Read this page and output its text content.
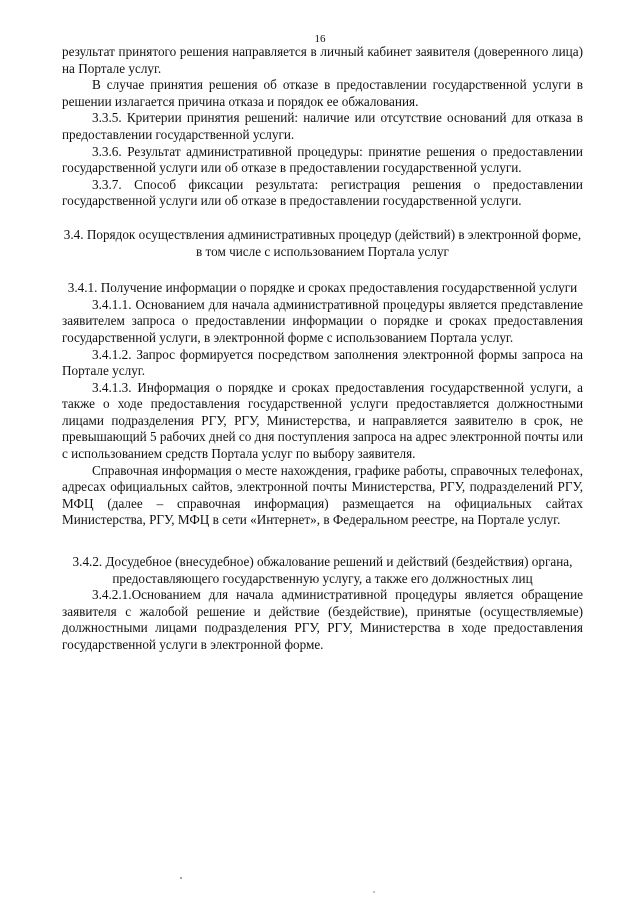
16

результат принятого решения направляется в личный кабинет заявителя (доверенного лица) на Портале услуг.

В случае принятия решения об отказе в предоставлении государственной услуги в решении излагается причина отказа и порядок ее обжалования.

3.3.5. Критерии принятия решений: наличие или отсутствие оснований для отказа в предоставлении государственной услуги.

3.3.6. Результат административной процедуры: принятие решения о предоставлении государственной услуги или об отказе в предоставлении государственной услуги.

3.3.7. Способ фиксации результата: регистрация решения о предоставлении государственной услуги или об отказе в предоставлении государственной услуги.

3.4. Порядок осуществления административных процедур (действий) в электронной форме, в том числе с использованием Портала услуг

3.4.1. Получение информации о порядке и сроках предоставления государственной услуги

3.4.1.1. Основанием для начала административной процедуры является представление заявителем запроса о предоставлении информации о порядке и сроках предоставления государственной услуги, в электронной форме с использованием Портала услуг.

3.4.1.2. Запрос формируется посредством заполнения электронной формы запроса на Портале услуг.

3.4.1.3. Информация о порядке и сроках предоставления государственной услуги, а также о ходе предоставления государственной услуги предоставляется должностными лицами подразделения РГУ, РГУ, Министерства, и направляется заявителю в срок, не превышающий 5 рабочих дней со дня поступления запроса на адрес электронной почты или с использованием средств Портала услуг по выбору заявителя.

Справочная информация о месте нахождения, графике работы, справочных телефонах, адресах официальных сайтов, электронной почты Министерства, РГУ, подразделений РГУ, МФЦ (далее – справочная информация) размещается на официальных сайтах Министерства, РГУ, МФЦ в сети «Интернет», в Федеральном реестре, на Портале услуг.

3.4.2. Досудебное (внесудебное) обжалование решений и действий (бездействия) органа, предоставляющего государственную услугу, а также его должностных лиц

3.4.2.1.Основанием для начала административной процедуры является обращение заявителя с жалобой решение и действие (бездействие), принятые (осуществляемые) должностными лицами подразделения РГУ, РГУ, Министерства в ходе предоставления государственной услуги в электронной форме.
